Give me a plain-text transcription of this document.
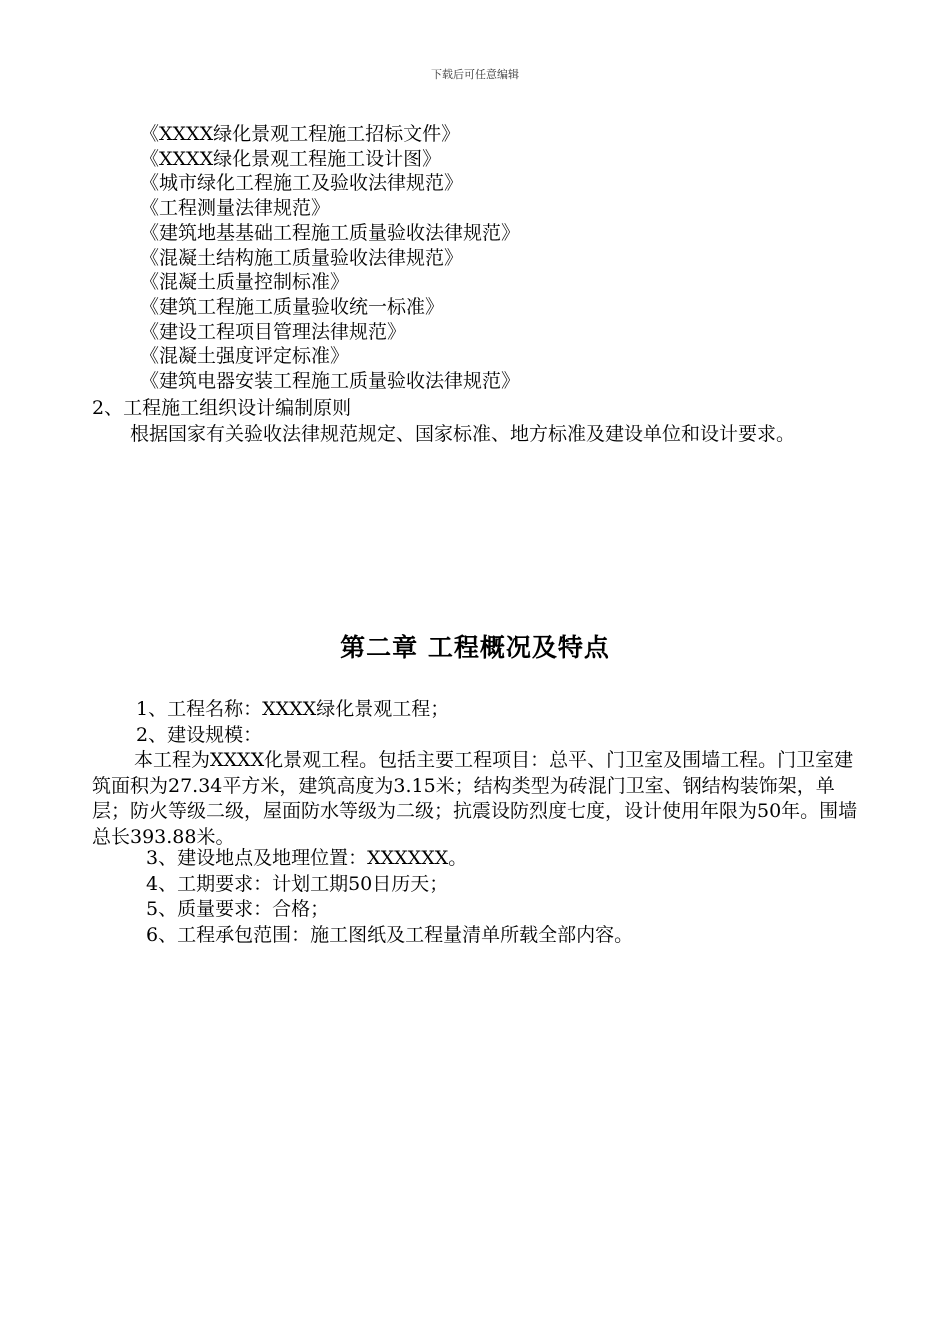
下载后可任意编辑
《XXXX绿化景观工程施工招标文件》
《XXXX绿化景观工程施工设计图》
《城市绿化工程施工及验收法律规范》
《工程测量法律规范》
《建筑地基基础工程施工质量验收法律规范》
《混凝土结构施工质量验收法律规范》
《混凝土质量控制标准》
《建筑工程施工质量验收统一标准》
《建设工程项目管理法律规范》
《混凝土强度评定标准》
《建筑电器安装工程施工质量验收法律规范》
2、工程施工组织设计编制原则
根据国家有关验收法律规范规定、国家标准、地方标准及建设单位和设计要求。
第二章 工程概况及特点
1、工程名称：XXXX绿化景观工程；
2、建设规模：
本工程为XXXX化景观工程。包括主要工程项目：总平、门卫室及围墙工程。门卫室建筑面积为27.34平方米，建筑高度为3.15米；结构类型为砖混门卫室、钢结构装饰架，单层；防火等级二级，屋面防水等级为二级；抗震设防烈度七度，设计使用年限为50年。围墙总长393.88米。
3、建设地点及地理位置：XXXXXX。
4、工期要求：计划工期50日历天；
5、质量要求：合格；
6、工程承包范围：施工图纸及工程量清单所载全部内容。
